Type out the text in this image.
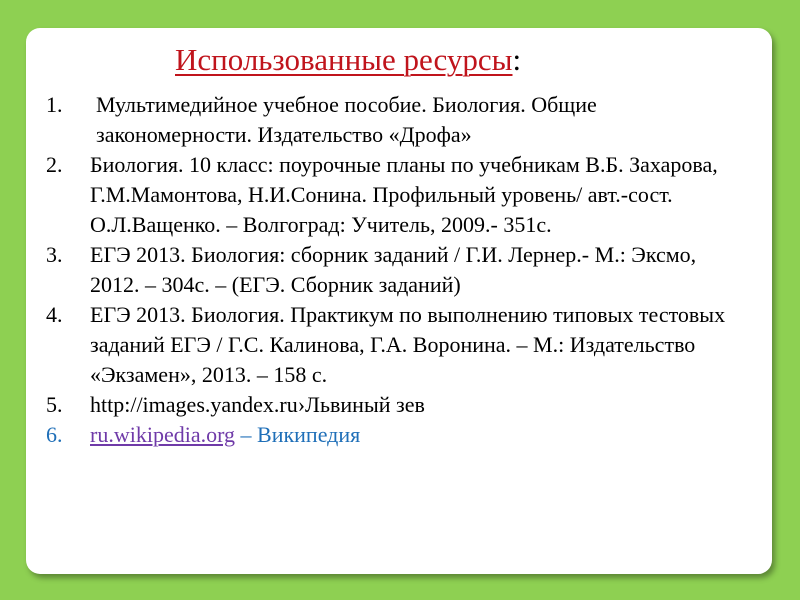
Использованные ресурсы:
1. Мультимедийное учебное пособие. Биология. Общие закономерности. Издательство «Дрофа»
2. Биология. 10 класс: поурочные планы по учебникам В.Б. Захарова, Г.М.Мамонтова, Н.И.Сонина. Профильный уровень/ авт.-сост. О.Л.Ващенко. – Волгоград: Учитель, 2009.- 351с.
3. ЕГЭ 2013. Биология: сборник заданий / Г.И. Лернер.- М.: Эксмо, 2012. – 304с. – (ЕГЭ. Сборник заданий)
4. ЕГЭ 2013. Биология. Практикум по выполнению типовых тестовых заданий ЕГЭ / Г.С. Калинова, Г.А. Воронина. – М.: Издательство «Экзамен», 2013. – 158 с.
5. http://images.yandex.ru›Львиный зев
6. ru.wikipedia.org – Википедия
